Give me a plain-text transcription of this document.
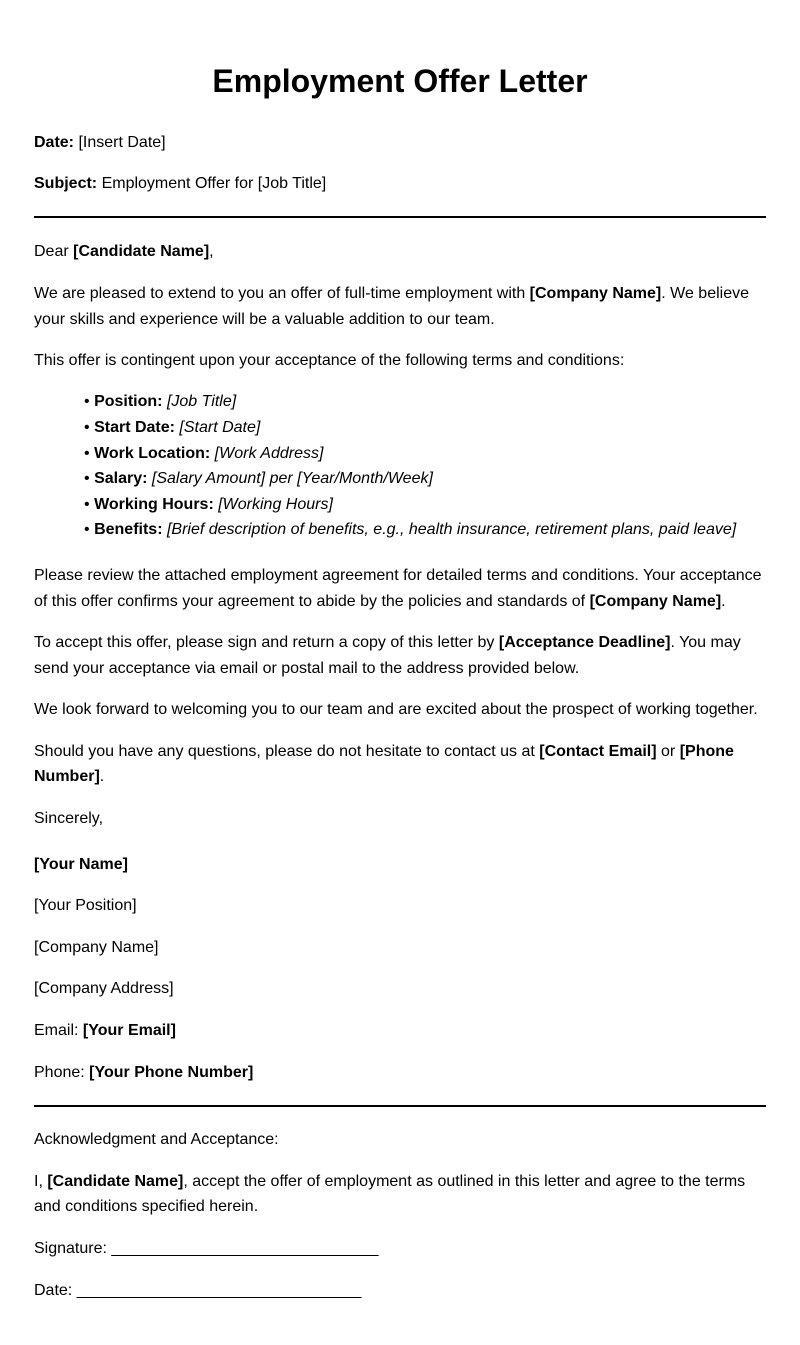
Employment Offer Letter

Date: [Insert Date]

Subject: Employment Offer for [Job Title]

Dear [Candidate Name],

We are pleased to extend to you an offer of full-time employment with [Company Name]. We believe your skills and experience will be a valuable addition to our team.

This offer is contingent upon your acceptance of the following terms and conditions:

• Position: [Job Title]
• Start Date: [Start Date]
• Work Location: [Work Address]
• Salary: [Salary Amount] per [Year/Month/Week]
• Working Hours: [Working Hours]
• Benefits: [Brief description of benefits, e.g., health insurance, retirement plans, paid leave]

Please review the attached employment agreement for detailed terms and conditions. Your acceptance of this offer confirms your agreement to abide by the policies and standards of [Company Name].

To accept this offer, please sign and return a copy of this letter by [Acceptance Deadline]. You may send your acceptance via email or postal mail to the address provided below.

We look forward to welcoming you to our team and are excited about the prospect of working together.

Should you have any questions, please do not hesitate to contact us at [Contact Email] or [Phone Number].

Sincerely,

[Your Name]

[Your Position]

[Company Name]

[Company Address]

Email: [Your Email]

Phone: [Your Phone Number]

Acknowledgment and Acceptance:

I, [Candidate Name], accept the offer of employment as outlined in this letter and agree to the terms and conditions specified herein.

Signature: ______________________________

Date: ________________________________
